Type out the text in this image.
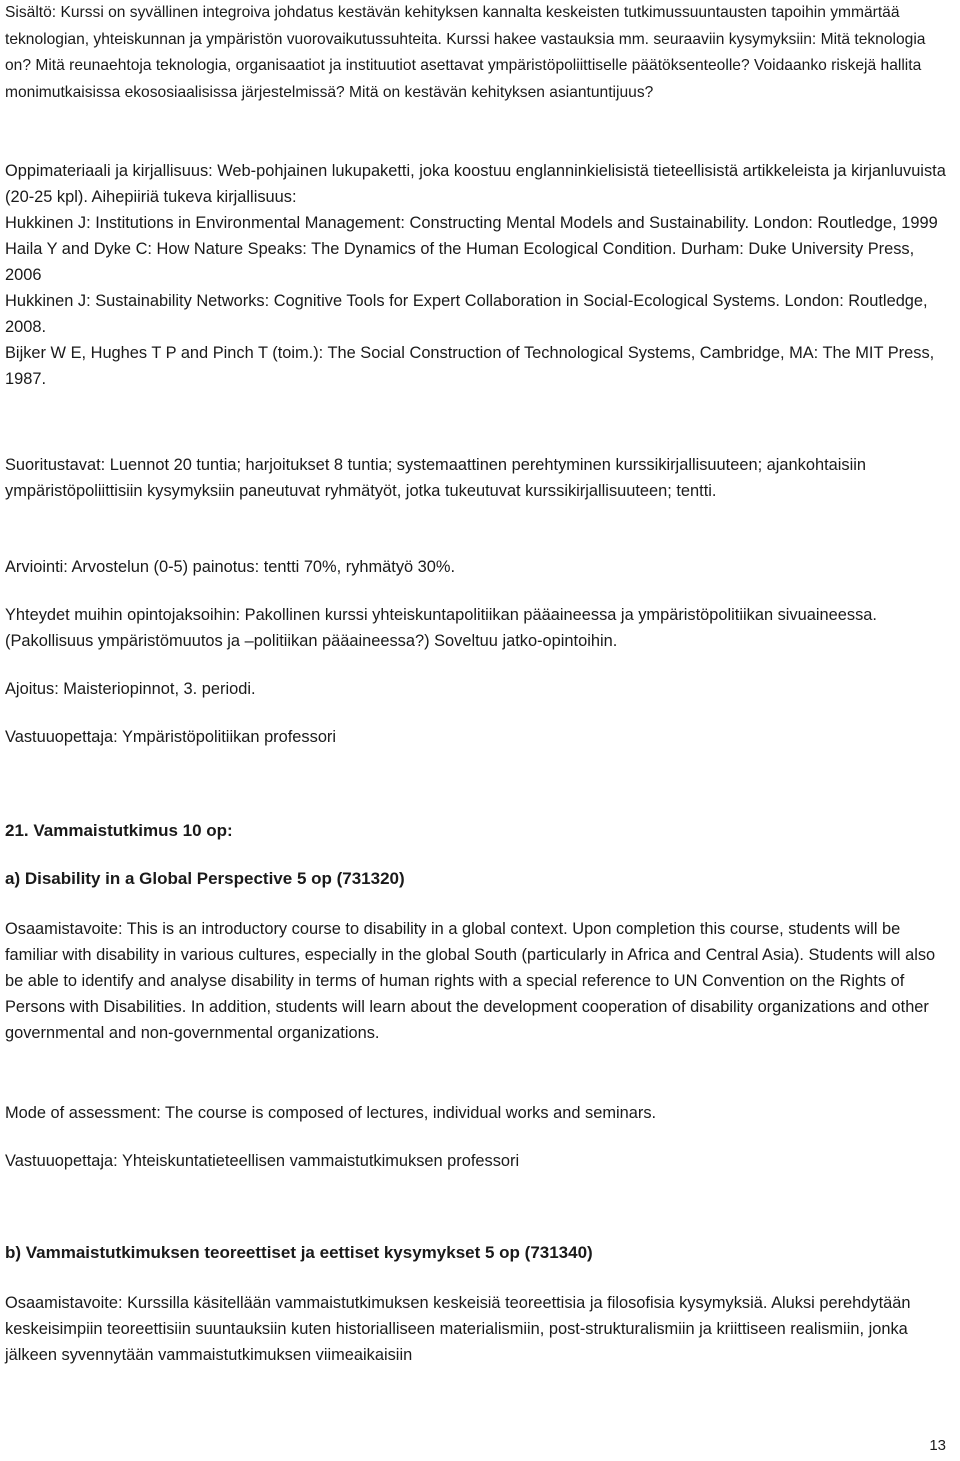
Sisältö: Kurssi on syvällinen integroiva johdatus kestävän kehityksen kannalta keskeisten tutkimussuuntausten tapoihin ymmärtää teknologian, yhteiskunnan ja ympäristön vuorovaikutussuhteita. Kurssi hakee vastauksia mm. seuraaviin kysymyksiin: Mitä teknologia on? Mitä reunaehtoja teknologia, organisaatiot ja instituutiot asettavat ympäristöpoliittiselle päätöksenteolle? Voidaanko riskejä hallita monimutkaisissa ekososiaalisissa järjestelmissä? Mitä on kestävän kehityksen asiantuntijuus?

Oppimateriaali ja kirjallisuus: Web-pohjainen lukupaketti, joka koostuu englanninkielisistä tieteellisistä artikkeleista ja kirjanluvuista (20-25 kpl). Aihepiiriä tukeva kirjallisuus:

Hukkinen J: Institutions in Environmental Management: Constructing Mental Models and Sustainability. London: Routledge, 1999
Haila Y and Dyke C: How Nature Speaks: The Dynamics of the Human Ecological Condition. Durham: Duke University Press, 2006
Hukkinen J: Sustainability Networks: Cognitive Tools for Expert Collaboration in Social-Ecological Systems. London: Routledge, 2008.
Bijker W E, Hughes T P and Pinch T (toim.): The Social Construction of Technological Systems, Cambridge, MA: The MIT Press, 1987.

Suoritustavat: Luennot 20 tuntia; harjoitukset 8 tuntia; systemaattinen perehtyminen kurssikirjallisuuteen; ajankohtaisiin ympäristöpoliittisiin kysymyksiin paneutuvat ryhmätyöt, jotka tukeutuvat kurssikirjallisuuteen; tentti.

Arviointi: Arvostelun (0-5) painotus: tentti 70%, ryhmätyö 30%.

Yhteydet muihin opintojaksoihin: Pakollinen kurssi yhteiskuntapolitiikan pääaineessa ja ympäristöpolitiikan sivuaineessa. (Pakollisuus ympäristömuutos ja –politiikan pääaineessa?) Soveltuu jatko-opintoihin.

Ajoitus: Maisteriopinnot, 3. periodi.

Vastuuopettaja: Ympäristöpolitiikan professori

21. Vammaistutkimus 10 op:

a) Disability in a Global Perspective 5 op (731320)

Osaamistavoite: This is an introductory course to disability in a global context. Upon completion this course, students will be familiar with disability in various cultures, especially in the global South (particularly in Africa and Central Asia). Students will also be able to identify and analyse disability in terms of human rights with a special reference to UN Convention on the Rights of Persons with Disabilities. In addition, students will learn about the development cooperation of disability organizations and other governmental and non-governmental organizations.

Mode of assessment: The course is composed of lectures, individual works and seminars.

Vastuuopettaja: Yhteiskuntatieteellisen vammaistutkimuksen professori

b) Vammaistutkimuksen teoreettiset ja eettiset kysymykset 5 op (731340)

Osaamistavoite: Kurssilla käsitellään vammaistutkimuksen keskeisiä teoreettisia ja filosofisia kysymyksiä. Aluksi perehdytään keskeisimpiin teoreettisiin suuntauksiin kuten historialliseen materialismiin, post-strukturalismiin ja kriittiseen realismiin, jonka jälkeen syvennytään vammaistutkimuksen viimeaikaisiin

13
